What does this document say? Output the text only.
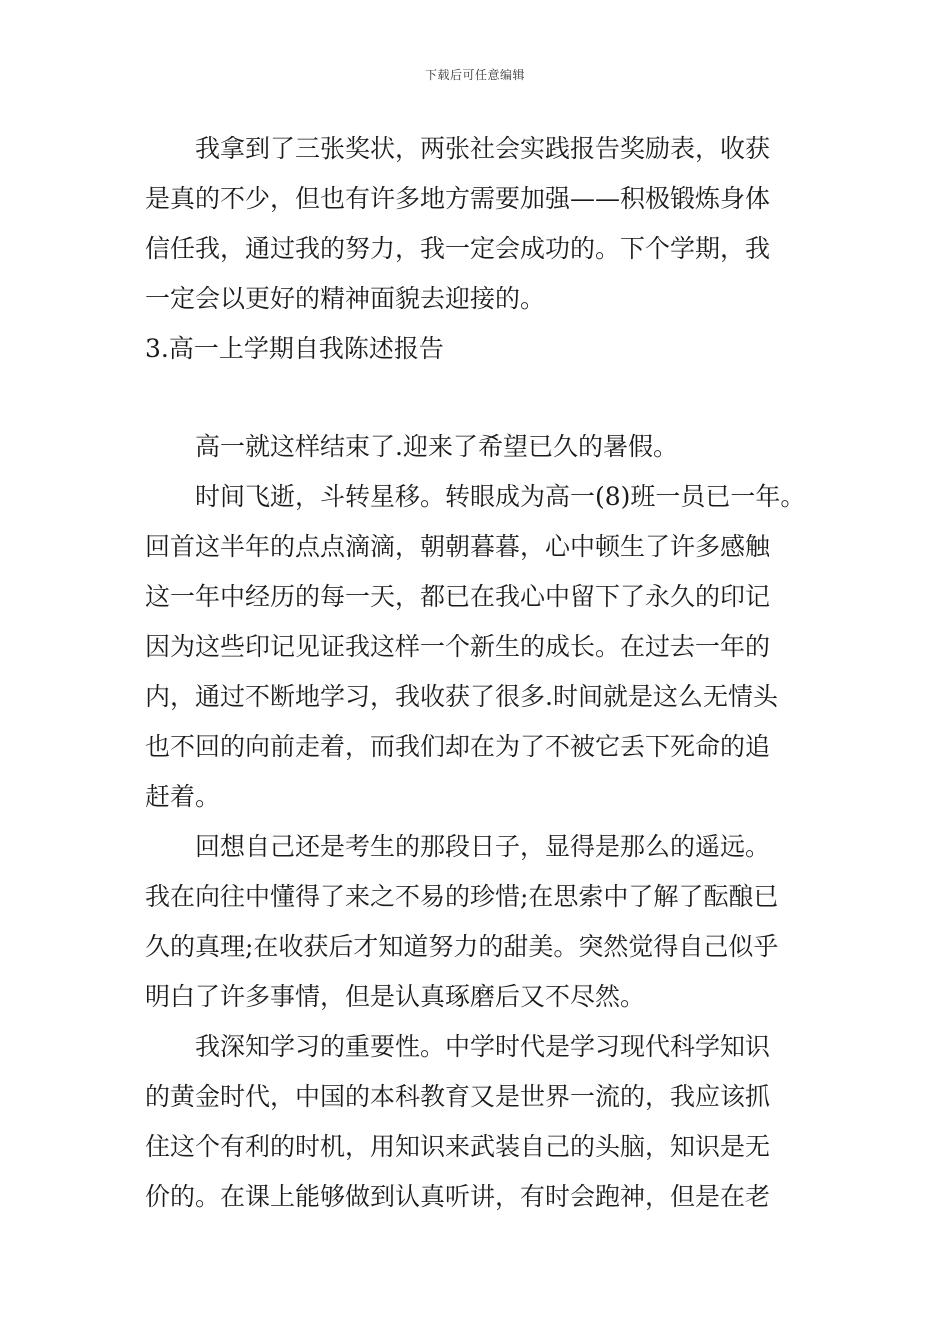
下载后可任意编辑
　　我拿到了三张奖状，两张社会实践报告奖励表，收获
是真的不少，但也有许多地方需要加强——积极锻炼身体
信任我，通过我的努力，我一定会成功的。下个学期，我
一定会以更好的精神面貌去迎接的。
3.高一上学期自我陈述报告
　　高一就这样结束了.迎来了希望已久的暑假。
　　时间飞逝，斗转星移。转眼成为高一(8)班一员已一年。
回首这半年的点点滴滴，朝朝暮暮，心中顿生了许多感触
这一年中经历的每一天，都已在我心中留下了永久的印记
因为这些印记见证我这样一个新生的成长。在过去一年的
内，通过不断地学习，我收获了很多.时间就是这么无情头
也不回的向前走着，而我们却在为了不被它丢下死命的追
赶着。
　　回想自己还是考生的那段日子，显得是那么的遥远。
我在向往中懂得了来之不易的珍惜;在思索中了解了酝酿已
久的真理;在收获后才知道努力的甜美。突然觉得自己似乎
明白了许多事情，但是认真琢磨后又不尽然。
　　我深知学习的重要性。中学时代是学习现代科学知识
的黄金时代，中国的本科教育又是世界一流的，我应该抓
住这个有利的时机，用知识来武装自己的头脑，知识是无
价的。在课上能够做到认真听讲，有时会跑神，但是在老
